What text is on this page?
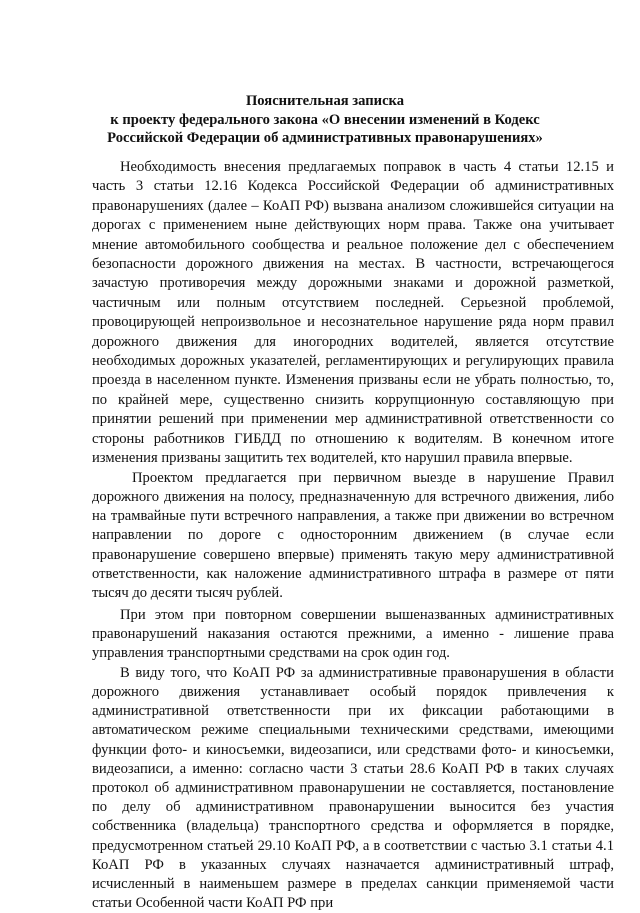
Пояснительная записка
к проекту федерального закона «О внесении изменений в Кодекс
Российской Федерации об административных правонарушениях»

Необходимость внесения предлагаемых поправок в часть 4 статьи 12.15 и часть 3 статьи 12.16 Кодекса Российской Федерации об административных правонарушениях (далее – КоАП РФ) вызвана анализом сложившейся ситуации на дорогах с применением ныне действующих норм права. Также она учитывает мнение автомобильного сообщества и реальное положение дел с обеспечением безопасности дорожного движения на местах. В частности, встречающегося зачастую противоречия между дорожными знаками и дорожной разметкой, частичным или полным отсутствием последней. Серьезной проблемой, провоцирующей непроизвольное и несознательное нарушение ряда норм правил дорожного движения для иногородних водителей, является отсутствие необходимых дорожных указателей, регламентирующих и регулирующих правила проезда в населенном пункте. Изменения призваны если не убрать полностью, то, по крайней мере, существенно снизить коррупционную составляющую при принятии решений при применении мер административной ответственности со стороны работников ГИБДД по отношению к водителям. В конечном итоге изменения призваны защитить тех водителей, кто нарушил правила впервые.

Проектом предлагается при первичном выезде в нарушение Правил дорожного движения на полосу, предназначенную для встречного движения, либо на трамвайные пути встречного направления, а также при движении во встречном направлении по дороге с односторонним движением (в случае если правонарушение совершено впервые) применять такую меру административной ответственности, как наложение административного штрафа в размере от пяти тысяч до десяти тысяч рублей.

При этом при повторном совершении вышеназванных административных правонарушений наказания остаются прежними, а именно - лишение права управления транспортными средствами на срок один год.

В виду того, что КоАП РФ за административные правонарушения в области дорожного движения устанавливает особый порядок привлечения к административной ответственности при их фиксации работающими в автоматическом режиме специальными техническими средствами, имеющими функции фото- и киносъемки, видеозаписи, или средствами фото- и киносъемки, видеозаписи, а именно: согласно части 3 статьи 28.6 КоАП РФ в таких случаях протокол об административном правонарушении не составляется, постановление по делу об административном правонарушении выносится без участия собственника (владельца) транспортного средства и оформляется в порядке, предусмотренном статьей 29.10 КоАП РФ, а в соответствии с частью 3.1 статьи 4.1 КоАП РФ в указанных случаях назначается административный штраф, исчисленный в наименьшем размере в пределах санкции применяемой части статьи Особенной части КоАП РФ при
